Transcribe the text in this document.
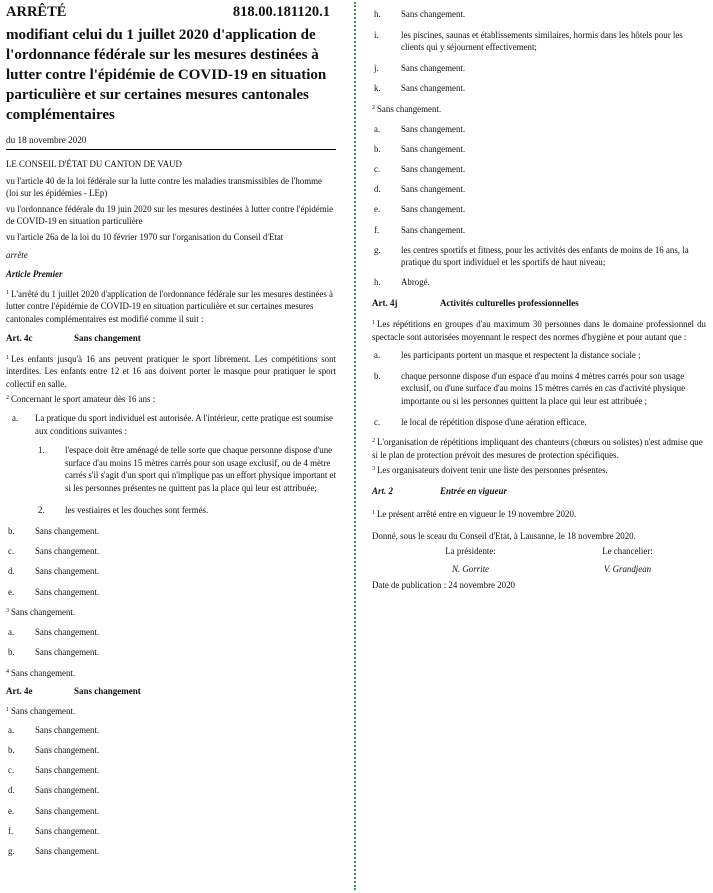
ARRÊTÉ	818.00.181120.1
modifiant celui du 1 juillet 2020 d'application de l'ordonnance fédérale sur les mesures destinées à lutter contre l'épidémie de COVID-19 en situation particulière et sur certaines mesures cantonales complémentaires
du 18 novembre 2020
LE CONSEIL D'ÉTAT DU CANTON DE VAUD
vu l'article 40 de la loi fédérale sur la lutte contre les maladies transmissibles de l'homme (loi sur les épidémies - LEp)
vu l'ordonnance fédérale du 19 juin 2020 sur les mesures destinées à lutter contre l'épidémie de COVID-19 en situation particulière
vu l'article 26a de la loi du 10 février 1970 sur l'organisation du Conseil d'Etat
arrête
Article Premier
$^1$ L'arrêté du 1 juillet 2020 d'application de l'ordonnance fédérale sur les mesures destinées à lutter contre l'épidémie de COVID-19 en situation particulière et sur certaines mesures cantonales complémentaires est modifié comme il suit :
Art. 4c	Sans changement
$^1$ Les enfants jusqu'à 16 ans peuvent pratiquer le sport librement. Les compétitions sont interdites. Les enfants entre 12 et 16 ans doivent porter le masque pour pratiquer le sport collectif en salle.
$^2$ Concernant le sport amateur dès 16 ans :
a.	La pratique du sport individuel est autorisée. A l'intérieur, cette pratique est soumise aux conditions suivantes :
1.	l'espace doit être aménagé de telle sorte que chaque personne dispose d'une surface d'au moins 15 mètres carrés pour son usage exclusif, ou de 4 mètre carrés s'il s'agit d'un sport qui n'implique pas un effort physique important et si les personnes présentes ne quittent pas la place qui leur est attribuée;
2.	les vestiaires et les douches sont fermés.
b.	Sans changement.
c.	Sans changement.
d.	Sans changement.
e.	Sans changement.
$^3$ Sans changement.
a.	Sans changement.
b.	Sans changement.
$^4$ Sans changement.
Art. 4e	Sans changement
$^1$ Sans changement.
a.	Sans changement.
b.	Sans changement.
c.	Sans changement.
d.	Sans changement.
e.	Sans changement.
f.	Sans changement.
g.	Sans changement.
h.	Sans changement.
i.	les piscines, saunas et établissements similaires, hormis dans les hôtels pour les clients qui y séjournent effectivement;
j.	Sans changement.
k.	Sans changement.
$^2$ Sans changement.
a.	Sans changement.
b.	Sans changement.
c.	Sans changement.
d.	Sans changement.
e.	Sans changement.
f.	Sans changement.
g.	les centres sportifs et fitness, pour les activités des enfants de moins de 16 ans, la pratique du sport individuel et les sportifs de haut niveau;
h.	Abrogé.
Art. 4j	Activités culturelles professionnelles
$^1$ Les répétitions en groupes d'au maximum 30 personnes dans le domaine professionnel du spectacle sont autorisées moyennant le respect des normes d'hygiène et pour autant que :
a.	les participants portent un masque et respectent la distance sociale ;
b.	chaque personne dispose d'un espace d'au moins 4 mètres carrés pour son usage exclusif, ou d'une surface d'au moins 15 mètres carrés en cas d'activité physique importante ou si les personnes quittent la place qui leur est attribuée ;
c.	le local de répétition dispose d'une aération efficace.
$^2$ L'organisation de répétitions impliquant des chanteurs (chœurs ou solistes) n'est admise que si le plan de protection prévoit des mesures de protection spécifiques.
$^3$ Les organisateurs doivent tenir une liste des personnes présentes.
Art. 2	Entrée en vigueur
$^1$ Le présent arrêté entre en vigueur le 19 novembre 2020.
Donné, sous le sceau du Conseil d'Etat, à Lausanne, le 18 novembre 2020.
La présidente:
N. Gorrite
Le chancelier:
V. Grandjean
Date de publication : 24 novembre 2020
